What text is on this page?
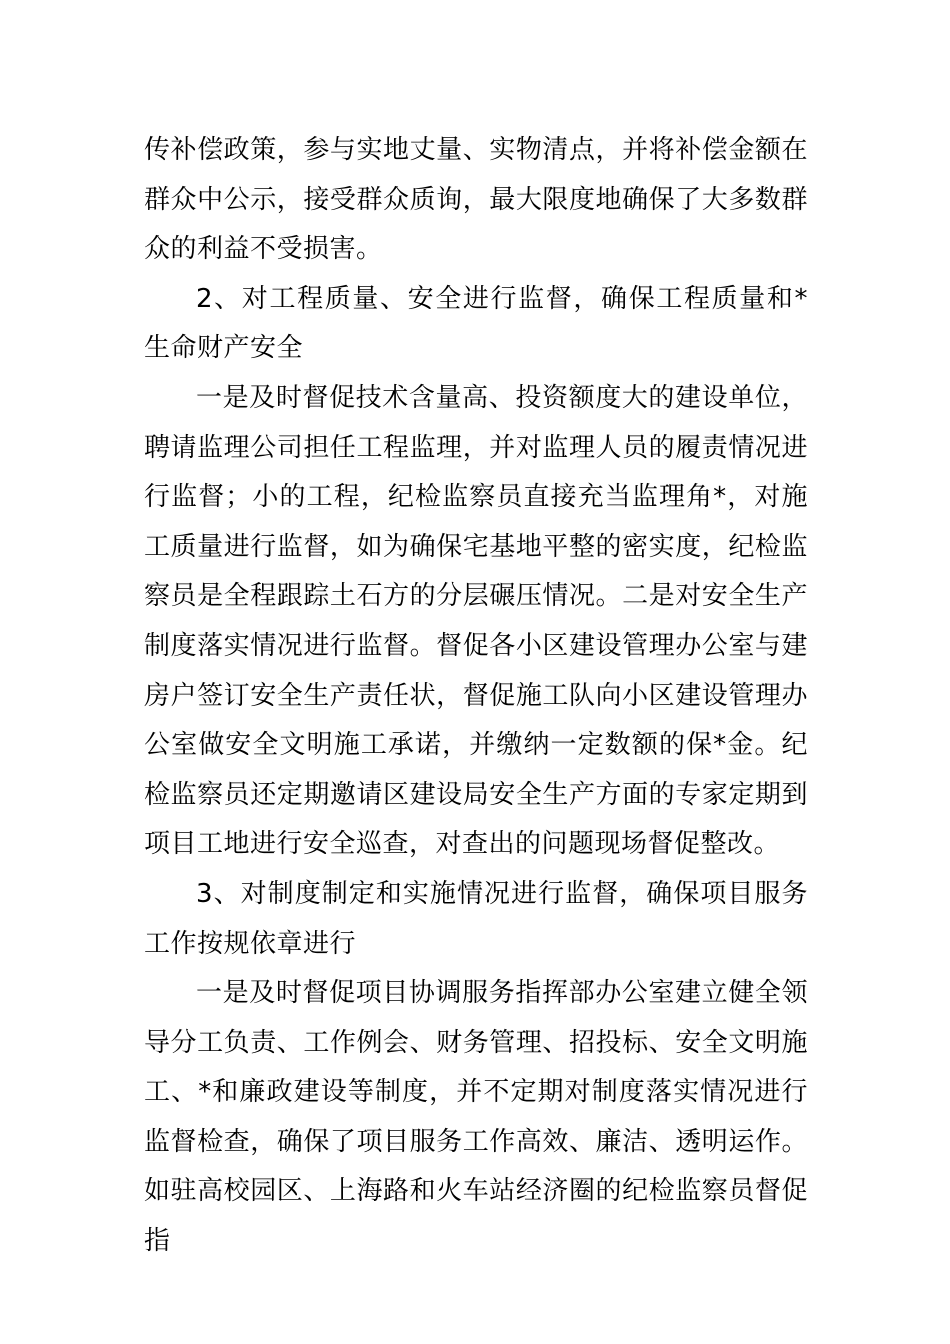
传补偿政策，参与实地丈量、实物清点，并将补偿金额在群众中公示，接受群众质询，最大限度地确保了大多数群众的利益不受损害。

2、对工程质量、安全进行监督，确保工程质量和*生命财产安全

一是及时督促技术含量高、投资额度大的建设单位，聘请监理公司担任工程监理，并对监理人员的履责情况进行监督；小的工程，纪检监察员直接充当监理角*，对施工质量进行监督，如为确保宅基地平整的密实度，纪检监察员是全程跟踪土石方的分层碾压情况。二是对安全生产制度落实情况进行监督。督促各小区建设管理办公室与建房户签订安全生产责任状，督促施工队向小区建设管理办公室做安全文明施工承诺，并缴纳一定数额的保*金。纪检监察员还定期邀请区建设局安全生产方面的专家定期到项目工地进行安全巡查，对查出的问题现场督促整改。

3、对制度制定和实施情况进行监督，确保项目服务工作按规依章进行

一是及时督促项目协调服务指挥部办公室建立健全领导分工负责、工作例会、财务管理、招投标、安全文明施工、*和廉政建设等制度，并不定期对制度落实情况进行监督检查，确保了项目服务工作高效、廉洁、透明运作。如驻高校园区、上海路和火车站经济圈的纪检监察员督促指
